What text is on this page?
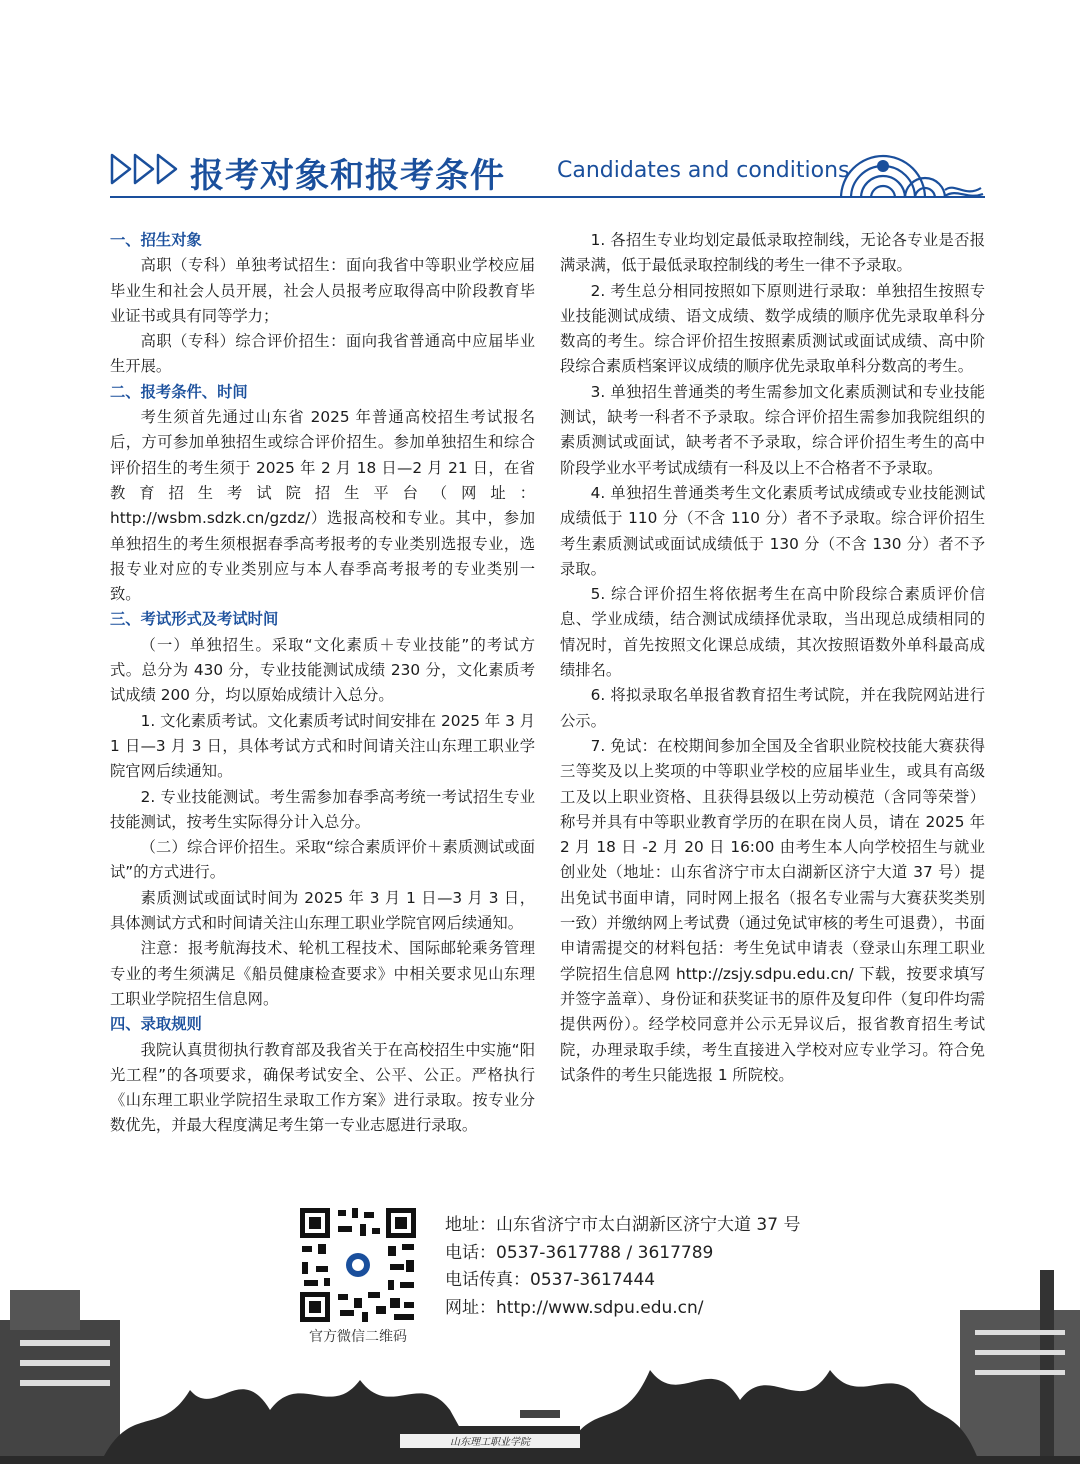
报考对象和报考条件 Candidates and conditions
一、招生对象

高职（专科）单独考试招生：面向我省中等职业学校应届毕业生和社会人员开展，社会人员报考应取得高中阶段教育毕业证书或具有同等学力；

高职（专科）综合评价招生：面向我省普通高中应届毕业生开展。

二、报考条件、时间

考生须首先通过山东省 2025 年普通高校招生考试报名后，方可参加单独招生或综合评价招生。参加单独招生和综合评价招生的考生须于 2025 年 2 月 18 日—2 月 21 日，在省教育招生考试院招生平台（网址：http://wsbm.sdzk.cn/gzdz/）选报高校和专业。其中，参加单独招生的考生须根据春季高考报考的专业类别选报专业，选报专业对应的专业类别应与本人春季高考报考的专业类别一致。

三、考试形式及考试时间

（一）单独招生。采取“文化素质＋专业技能”的考试方式。总分为 430 分，专业技能测试成绩 230 分，文化素质考试成绩 200 分，均以原始成绩计入总分。

1. 文化素质考试。文化素质考试时间安排在 2025 年 3 月 1 日—3 月 3 日，具体考试方式和时间请关注山东理工职业学院官网后续通知。

2. 专业技能测试。考生需参加春季高考统一考试招生专业技能测试，按考生实际得分计入总分。

（二）综合评价招生。采取“综合素质评价＋素质测试或面试”的方式进行。

素质测试或面试时间为 2025 年 3 月 1 日—3 月 3 日，具体测试方式和时间请关注山东理工职业学院官网后续通知。

注意：报考航海技术、轮机工程技术、国际邮轮乘务管理专业的考生须满足《船员健康检查要求》中相关要求见山东理工职业学院招生信息网。

四、录取规则

我院认真贯彻执行教育部及我省关于在高校招生中实施“阳光工程”的各项要求，确保考试安全、公平、公正。严格执行《山东理工职业学院招生录取工作方案》进行录取。按专业分数优先，并最大程度满足考生第一专业志愿进行录取。

1. 各招生专业均划定最低录取控制线，无论各专业是否报满录满，低于最低录取控制线的考生一律不予录取。

2. 考生总分相同按照如下原则进行录取：单独招生按照专业技能测试成绩、语文成绩、数学成绩的顺序优先录取单科分数高的考生。综合评价招生按照素质测试或面试成绩、高中阶段综合素质档案评议成绩的顺序优先录取单科分数高的考生。

3. 单独招生普通类的考生需参加文化素质测试和专业技能测试，缺考一科者不予录取。综合评价招生需参加我院组织的素质测试或面试，缺考者不予录取，综合评价招生考生的高中阶段学业水平考试成绩有一科及以上不合格者不予录取。

4. 单独招生普通类考生文化素质考试成绩或专业技能测试成绩低于 110 分（不含 110 分）者不予录取。综合评价招生考生素质测试或面试成绩低于 130 分（不含 130 分）者不予录取。

5. 综合评价招生将依据考生在高中阶段综合素质评价信息、学业成绩，结合测试成绩择优录取，当出现总成绩相同的情况时，首先按照文化课总成绩，其次按照语数外单科最高成绩排名。

6. 将拟录取名单报省教育招生考试院，并在我院网站进行公示。

7. 免试：在校期间参加全国及全省职业院校技能大赛获得三等奖及以上奖项的中等职业学校的应届毕业生，或具有高级工及以上职业资格、且获得县级以上劳动模范（含同等荣誉）称号并具有中等职业教育学历的在职在岗人员，请在 2025 年 2 月 18 日 -2 月 20 日 16:00 由考生本人向学校招生与就业创业处（地址：山东省济宁市太白湖新区济宁大道 37 号）提出免试书面申请，同时网上报名（报名专业需与大赛获奖类别一致）并缴纳网上考试费（通过免试审核的考生可退费），书面申请需提交的材料包括：考生免试申请表（登录山东理工职业学院招生信息网 http://zsjy.sdpu.edu.cn/ 下载，按要求填写并签字盖章）、身份证和获奖证书的原件及复印件（复印件均需提供两份）。经学校同意并公示无异议后，报省教育招生考试院，办理录取手续，考生直接进入学校对应专业学习。符合免试条件的考生只能选报 1 所院校。

山东理工职业学院
官方微信二维码
地址：山东省济宁市太白湖新区济宁大道 37 号
电话：0537-3617788 / 3617789
电话传真：0537-3617444
网址：http://www.sdpu.edu.cn/
